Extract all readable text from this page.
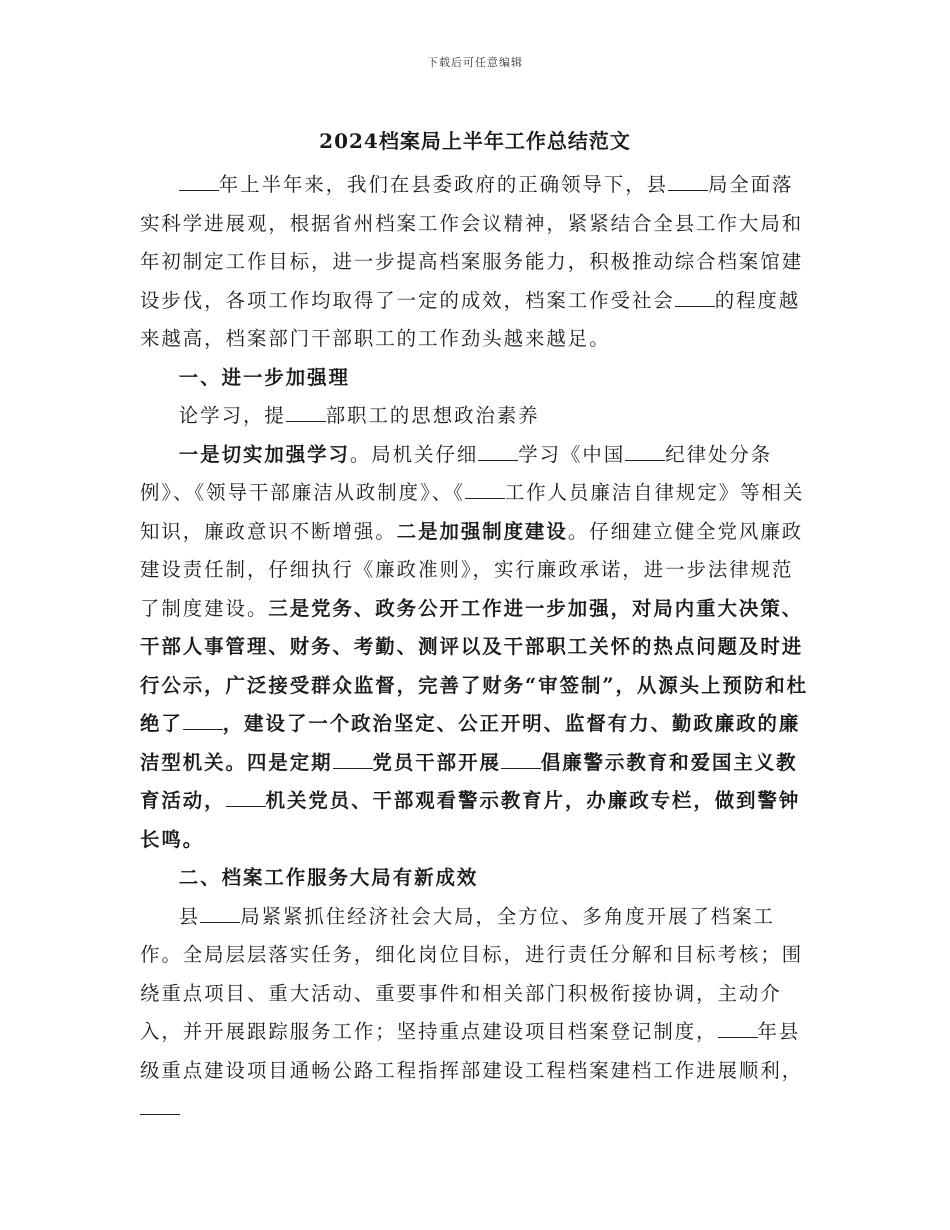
下载后可任意编辑
2024档案局上半年工作总结范文

年上半年来，我们在县委政府的正确领导下，县 局全面落实科学进展观，根据省州档案工作会议精神，紧紧结合全县工作大局和年初制定工作目标，进一步提高档案服务能力，积极推动综合档案馆建设步伐，各项工作均取得了一定的成效，档案工作受社会 的程度越来越高，档案部门干部职工的工作劲头越来越足。

一、进一步加强理

论学习，提 部职工的思想政治素养

一是切实加强学习。局机关仔细 学习《中国 纪律处分条例》、《领导干部廉洁从政制度》、《 工作人员廉洁自律规定》等相关知识，廉政意识不断增强。二是加强制度建设。仔细建立健全党风廉政建设责任制，仔细执行《廉政准则》，实行廉政承诺，进一步法律规范了制度建设。三是党务、政务公开工作进一步加强，对局内重大决策、干部人事管理、财务、考勤、测评以及干部职工关怀的热点问题及时进行公示，广泛接受群众监督，完善了财务“审签制”，从源头上预防和杜绝了 ，建设了一个政治坚定、公正开明、监督有力、勤政廉政的廉洁型机关。四是定期 党员干部开展 倡廉警示教育和爱国主义教育活动， 机关党员、干部观看警示教育片，办廉政专栏，做到警钟长鸣。

二、档案工作服务大局有新成效

县 局紧紧抓住经济社会大局，全方位、多角度开展了档案工作。全局层层落实任务，细化岗位目标，进行责任分解和目标考核；围绕重点项目、重大活动、重要事件和相关部门积极衔接协调，主动介入，并开展跟踪服务工作；坚持重点建设项目档案登记制度， 年县级重点建设项目通畅公路工程指挥部建设工程档案建档工作进展顺利，
